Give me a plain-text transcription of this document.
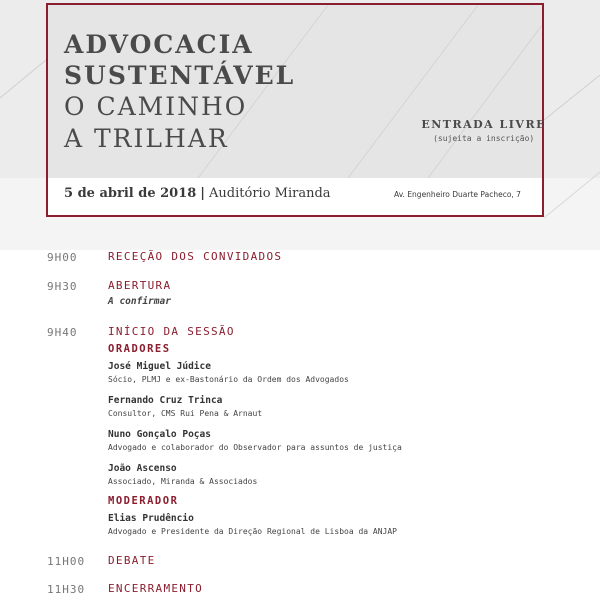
ADVOCACIA
SUSTENTÁVEL
O CAMINHO
A TRILHAR	ENTRADA LIVRE
(sujeita a inscrição)
5 de abril de 2018 | Auditório Miranda	Av. Engenheiro Duarte Pacheco, 7
9H00	RECEÇÃO DOS CONVIDADOS
9H30	ABERTURA
A confirmar
9H40	INÍCIO DA SESSÃO
ORADORES
José Miguel Júdice
Sócio, PLMJ e ex-Bastonário da Ordem dos Advogados
Fernando Cruz Trinca
Consultor, CMS Rui Pena & Arnaut
Nuno Gonçalo Poças
Advogado e colaborador do Observador para assuntos de justiça
João Ascenso
Associado, Miranda & Associados
MODERADOR
Elias Prudêncio
Advogado e Presidente da Direção Regional de Lisboa da ANJAP
11H00 DEBATE
11H30 ENCERRAMENTO
